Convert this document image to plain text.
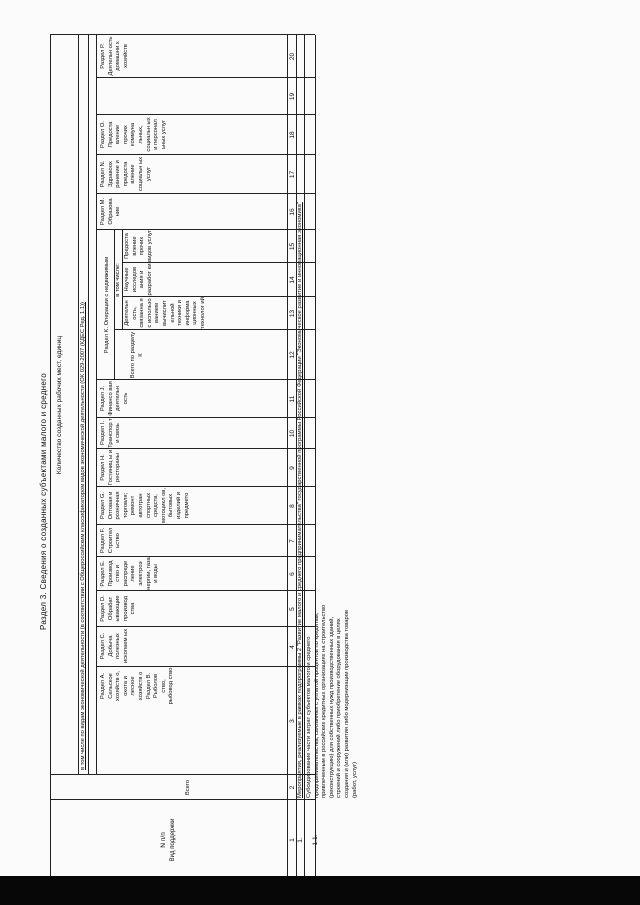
Раздел 3. Сведения о созданных субъектами малого и среднего
N п/п Вид поддержки
Количество созданных рабочих мест, единиц	в том числе по видам экономической деятельности (в соответствии с Общероссийским классификатором видов экономической деятельности (ОК 029-2007 (КДЕС Ред. 1.1))
Всего
Раздел А. Сельское хозяйств о, охота и лесное хозяйств о Раздел B. Рыболов ство, рыбовод ство
Раздел C. Добыча полезных ископаем ых
Раздел D. Обрабат ывающие производ ства
Раздел E. Производ ство и распреде ление электроэ нергии, газа и воды
Раздел F. Строител ьство
Раздел G. Оптовая и розничная торговля; ремонт автотран спортных средств, мотоцикл ов, бытовых изделий и предмето
Раздел H. Гостиниц ы и рестораны
Раздел I. Транспор т и связь
Раздел J. Финансо вая деятельн ость
Раздел K. Операции с недвижимым в том числе:
Всего по разделу К
Деятельн ость, связанна я с использо ванием вычислит ельной техники и информа ционных технолог ий
Научные исследов ания и разработ ки
Предоста вление прочих видов услуг
Раздел M. Образова ние
Раздел N. Здравоох ранение и предоста вление социальн ых услуг
Раздел O. Предоста вление прочих коммуна льных, социальн ых и персонал ьных услуг
Раздел P. Деятельн ость домашни х хозяйств
1
2
3
4
5
6
7
8
9
10
11
12
13
14
15
16
17
18
19
20
1.
Мероприятия, реализуемые в рамках подпрограммы 2 "Развитие малого и среднего предпринимательства" государственной программы Российской Федерации "Экономическое развитие и инновационная экономика"
1.1.
Субсидирование части затрат субъектов малого и среднего предпринимательства, связанных с уплатой процентов по кредитам, привлеченным в российских кредитных организациях на строительство (реконструкцию) для собственных нужд производственных зданий, строений и сооружений либо приобретение оборудования в целях создания и (или) развития либо модернизации производства товаров (работ, услуг)
